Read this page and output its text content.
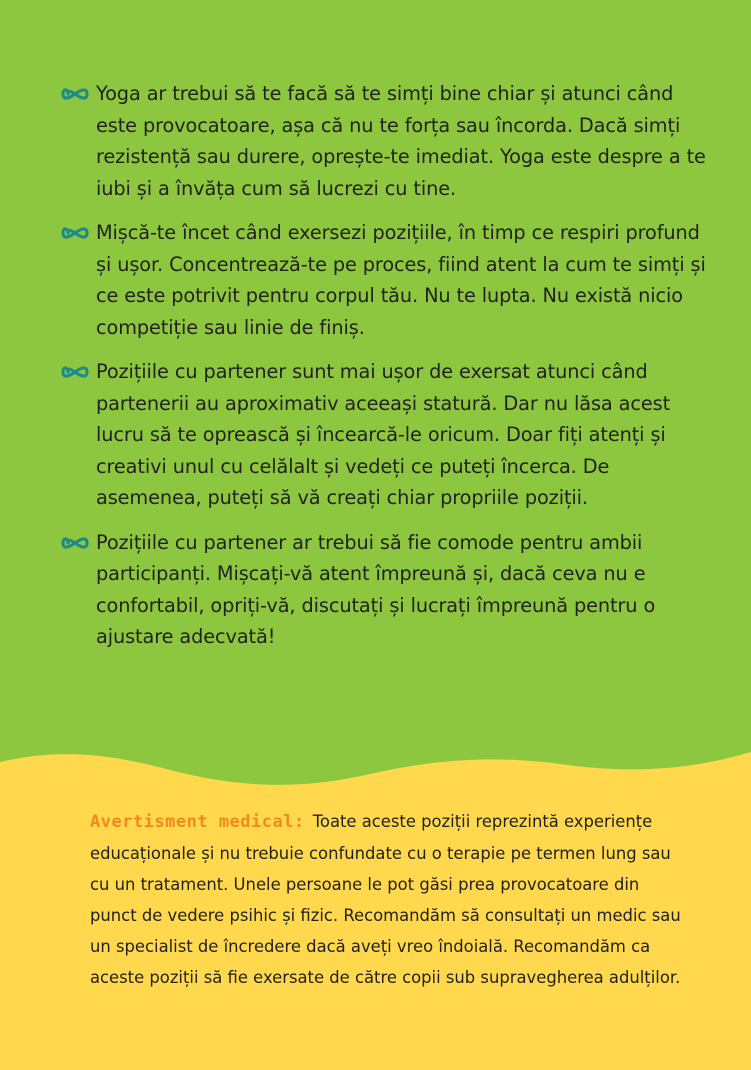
Yoga ar trebui să te facă să te simți bine chiar și atunci când este provocatoare, așa că nu te forța sau încorda. Dacă simți rezistență sau durere, oprește-te imediat. Yoga este despre a te iubi și a învăța cum să lucrezi cu tine.
Mișcă-te încet când exersezi pozițiile, în timp ce respiri profund și ușor. Concentrează-te pe proces, fiind atent la cum te simți și ce este potrivit pentru corpul tău. Nu te lupta. Nu există nicio competiție sau linie de finiș.
Pozițiile cu partener sunt mai ușor de exersat atunci când partenerii au aproximativ aceeași statură. Dar nu lăsa acest lucru să te oprească și încearcă-le oricum. Doar fiți atenți și creativi unul cu celălalt și vedeți ce puteți încerca. De asemenea, puteți să vă creați chiar propriile poziții.
Pozițiile cu partener ar trebui să fie comode pentru ambii participanți. Mișcați-vă atent împreună și, dacă ceva nu e confortabil, opriți-vă, discutați și lucrați împreună pentru o ajustare adecvată!
Avertisment medical: Toate aceste poziții reprezintă experiențe educaționale și nu trebuie confundate cu o terapie pe termen lung sau cu un tratament. Unele persoane le pot găsi prea provocatoare din punct de vedere psihic și fizic. Recomandăm să consultați un medic sau un specialist de încredere dacă aveți vreo îndoială. Recomandăm ca aceste poziții să fie exersate de către copii sub supravegherea adulților.
